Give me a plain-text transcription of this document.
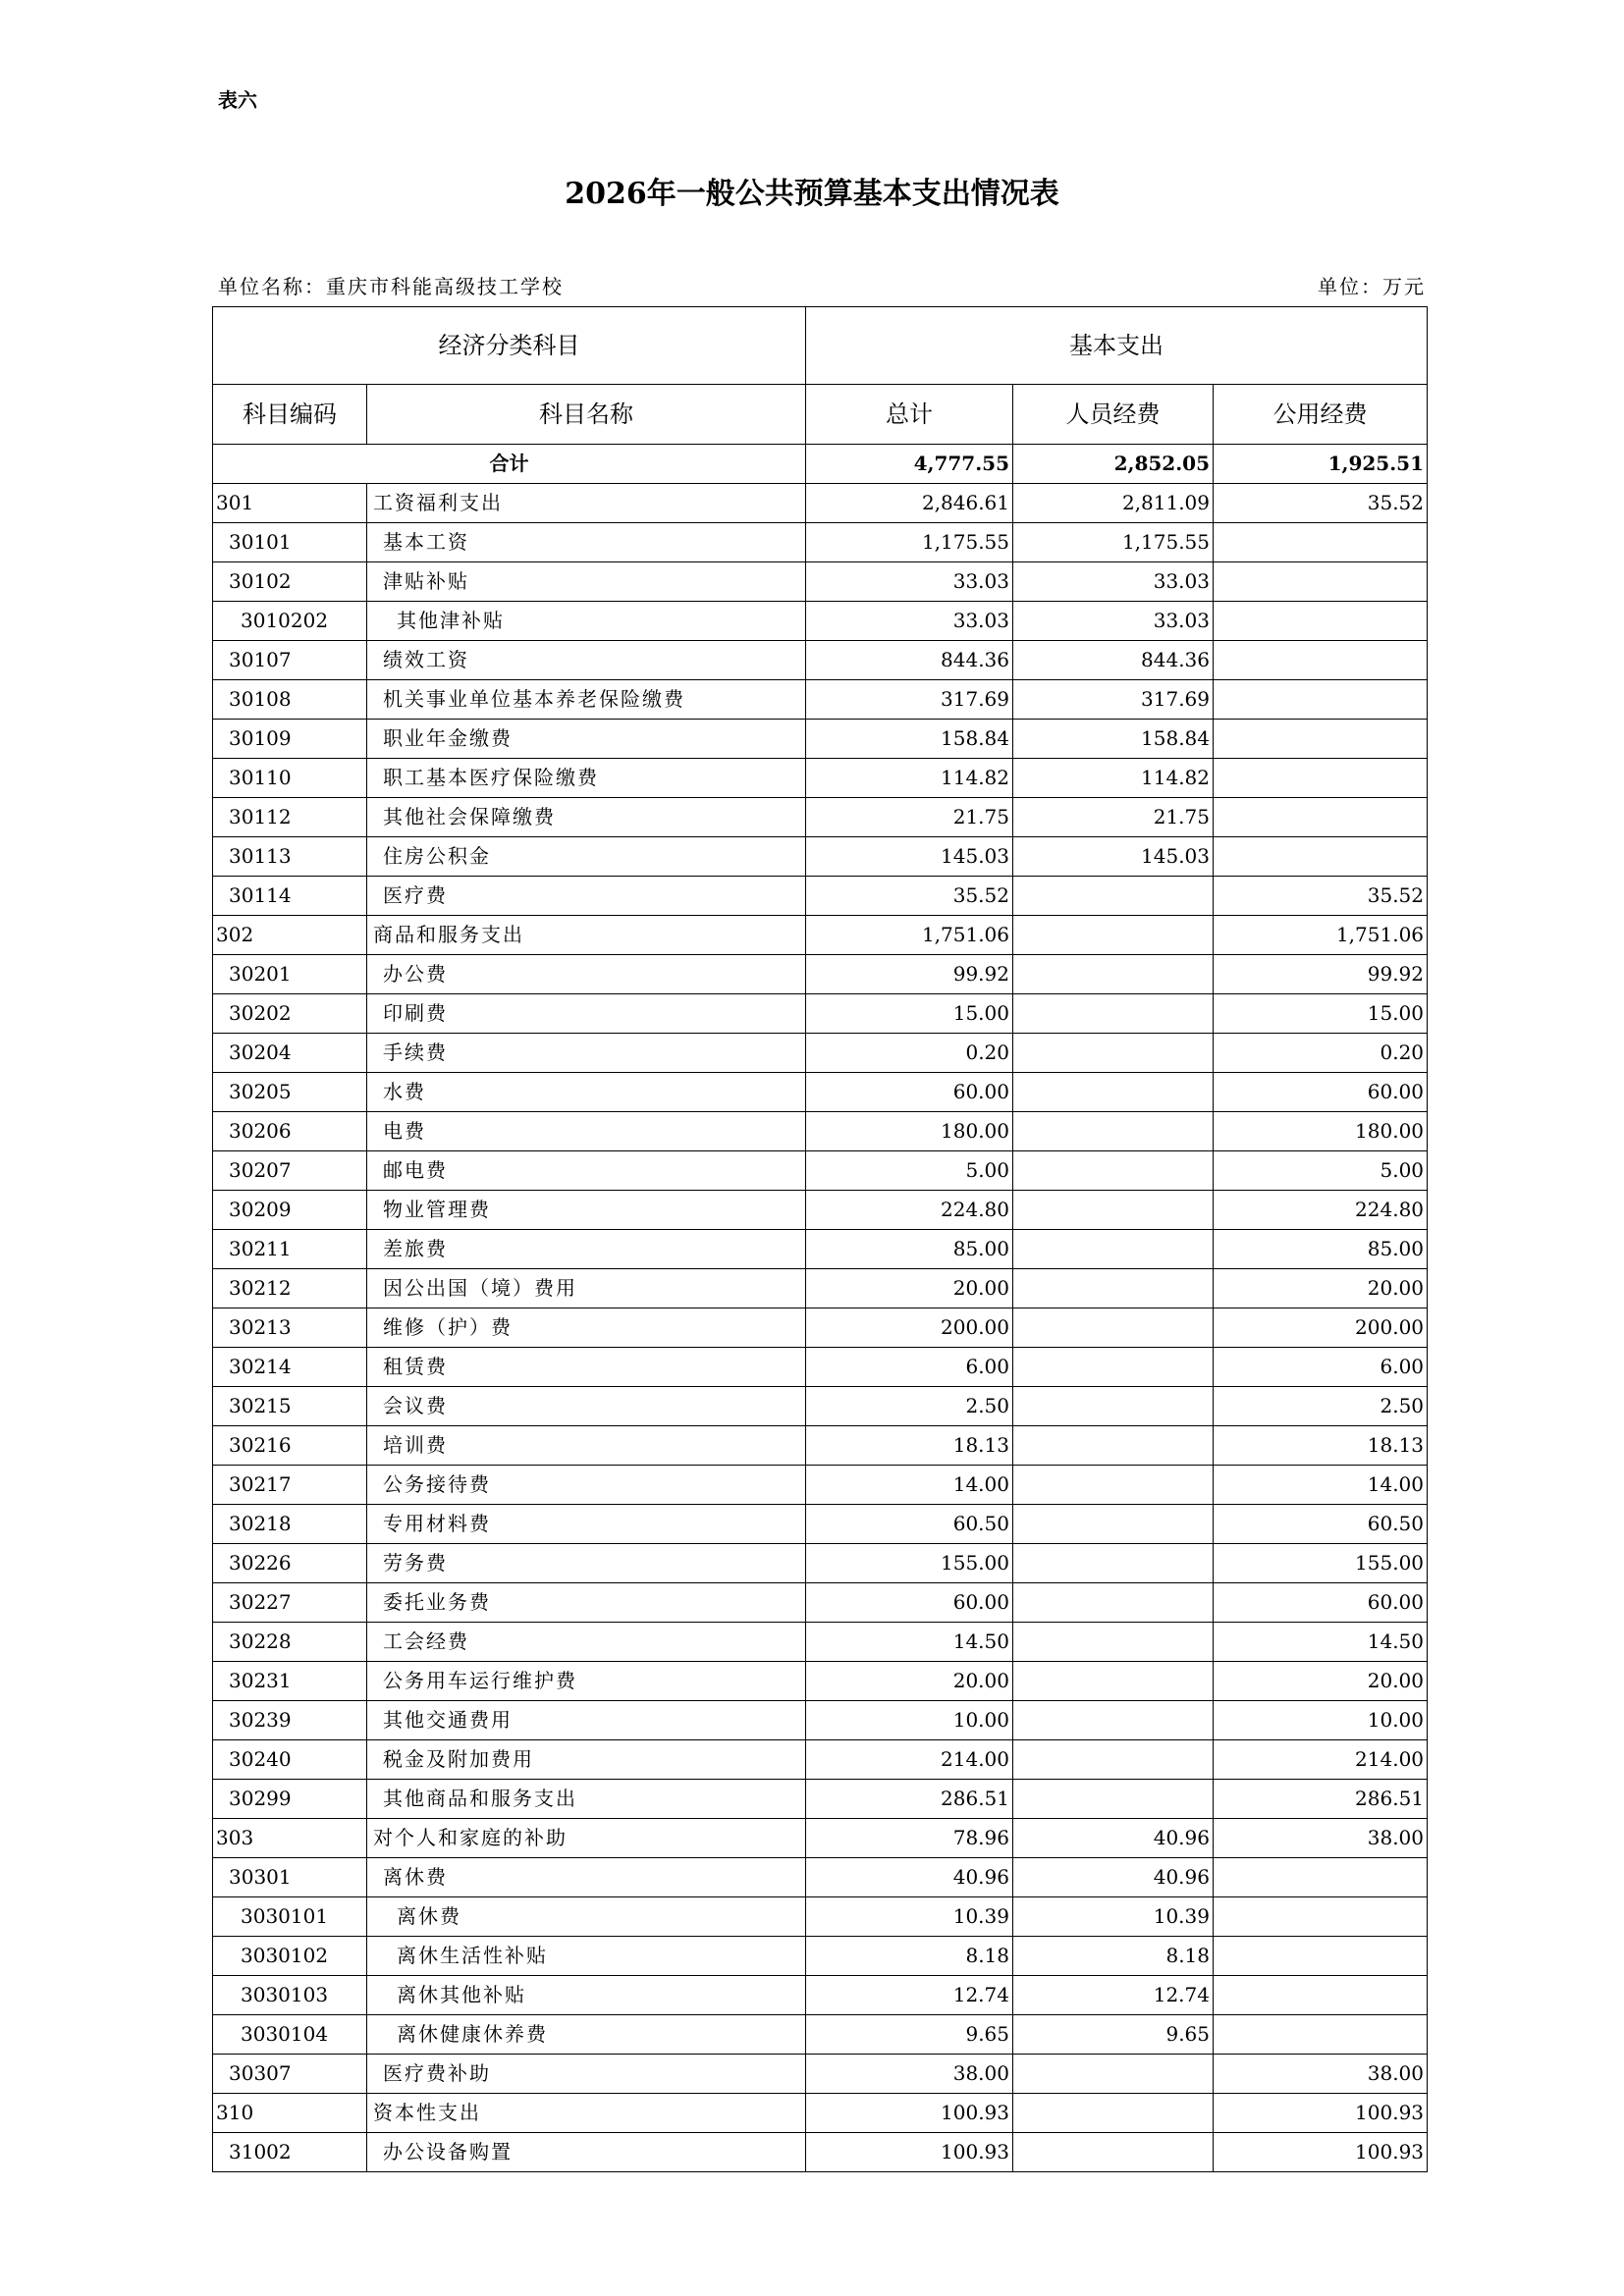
表六
2026年一般公共预算基本支出情况表
单位名称：重庆市科能高级技工学校	单位：万元
经济分类科目		基本支出		
科目编码	科目名称	总计	人员经费	公用经费
合计		4,777.55	2,852.05	1,925.51
301	工资福利支出	2,846.61	2,811.09	35.52
30101	基本工资	1,175.55	1,175.55	
30102	津贴补贴	33.03	33.03	
3010202	其他津补贴	33.03	33.03	
30107	绩效工资	844.36	844.36	
30108	机关事业单位基本养老保险缴费	317.69	317.69	
30109	职业年金缴费	158.84	158.84	
30110	职工基本医疗保险缴费	114.82	114.82	
30112	其他社会保障缴费	21.75	21.75	
30113	住房公积金	145.03	145.03	
30114	医疗费	35.52		35.52
302	商品和服务支出	1,751.06		1,751.06
30201	办公费	99.92		99.92
30202	印刷费	15.00		15.00
30204	手续费	0.20		0.20
30205	水费	60.00		60.00
30206	电费	180.00		180.00
30207	邮电费	5.00		5.00
30209	物业管理费	224.80		224.80
30211	差旅费	85.00		85.00
30212	因公出国（境）费用	20.00		20.00
30213	维修（护）费	200.00		200.00
30214	租赁费	6.00		6.00
30215	会议费	2.50		2.50
30216	培训费	18.13		18.13
30217	公务接待费	14.00		14.00
30218	专用材料费	60.50		60.50
30226	劳务费	155.00		155.00
30227	委托业务费	60.00		60.00
30228	工会经费	14.50		14.50
30231	公务用车运行维护费	20.00		20.00
30239	其他交通费用	10.00		10.00
30240	税金及附加费用	214.00		214.00
30299	其他商品和服务支出	286.51		286.51
303	对个人和家庭的补助	78.96	40.96	38.00
30301	离休费	40.96	40.96	
3030101	离休费	10.39	10.39	
3030102	离休生活性补贴	8.18	8.18	
3030103	离休其他补贴	12.74	12.74	
3030104	离休健康休养费	9.65	9.65	
30307	医疗费补助	38.00		38.00
310	资本性支出	100.93		100.93
31002	办公设备购置	100.93		100.93
